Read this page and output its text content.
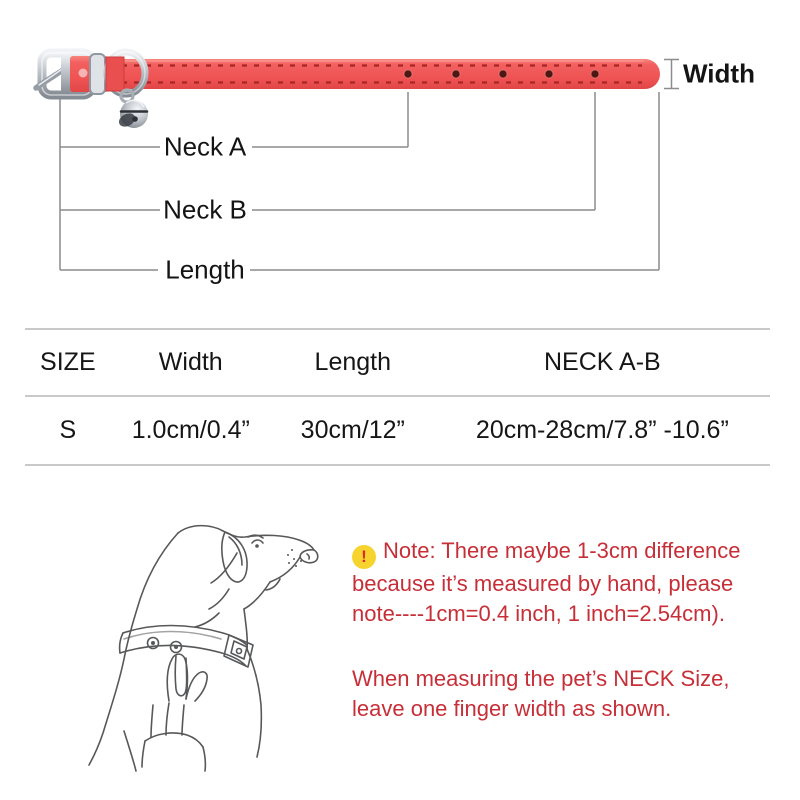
Neck A
Neck B
Length
Width
SIZE	Width	Length	NECK A-B
S	1.0cm/0.4”	30cm/12”	20cm-28cm/7.8” -10.6”
! Note: There maybe 1-3cm difference
because it’s measured by hand, please
note----1cm=0.4 inch, 1 inch=2.54cm).
When measuring the pet’s NECK Size,
leave one finger width as shown.
